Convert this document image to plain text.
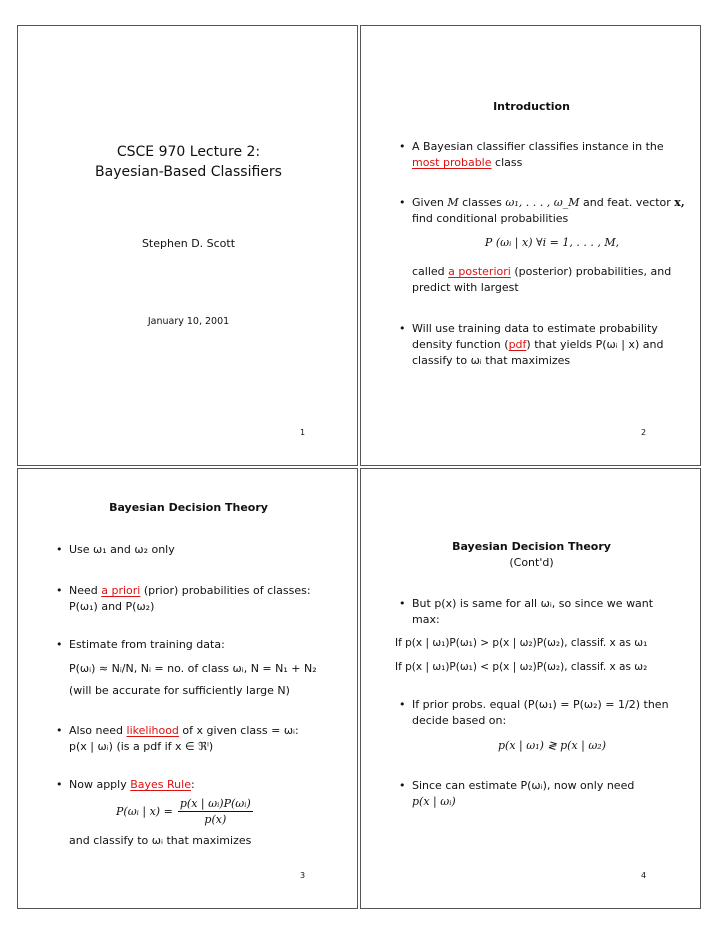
CSCE 970 Lecture 2:
Bayesian-Based Classifiers
Stephen D. Scott
January 10, 2001
1
Introduction
• A Bayesian classifier classifies instance in the
most probable class
• Given M classes ω₁, . . . , ω_M and feat. vector x,
find conditional probabilities
P (ωᵢ | x) ∀i = 1, . . . , M,
called a posteriori (posterior) probabilities, and
predict with largest
• Will use training data to estimate probability
density function (pdf) that yields P(ωᵢ | x) and
classify to ωᵢ that maximizes
2
Bayesian Decision Theory
• Use ω₁ and ω₂ only
• Need a priori (prior) probabilities of classes:
P(ω₁) and P(ω₂)
• Estimate from training data:
P(ωᵢ) ≈ Nᵢ/N, Nᵢ = no. of class ωᵢ, N = N₁ + N₂
(will be accurate for sufficiently large N)
• Also need likelihood of x given class = ωᵢ:
p(x | ωᵢ) (is a pdf if x ∈ ℜˡ)
• Now apply Bayes Rule:
P(ωᵢ | $x) = \frac{\text{p(x | ωᵢ)P(ωᵢ)}}{p(x)}$
and classify to ωᵢ that maximizes
3
Bayesian Decision Theory
(Cont'd)
• But p(x) is same for all ωᵢ, so since we want
max:
If p(x | ω₁)P(ω₁) > p(x | ω₂)P(ω₂), classif. x as ω₁
If p(x | ω₁)P(ω₁) < p(x | ω₂)P(ω₂), classif. x as ω₂
• If prior probs. equal (P(ω₁) = P(ω₂) = 1/2) then
decide based on:
p(x | ω₁) ≷ p(x | ω₂)
• Since can estimate P(ωᵢ), now only need
p(x | ωᵢ)
4
